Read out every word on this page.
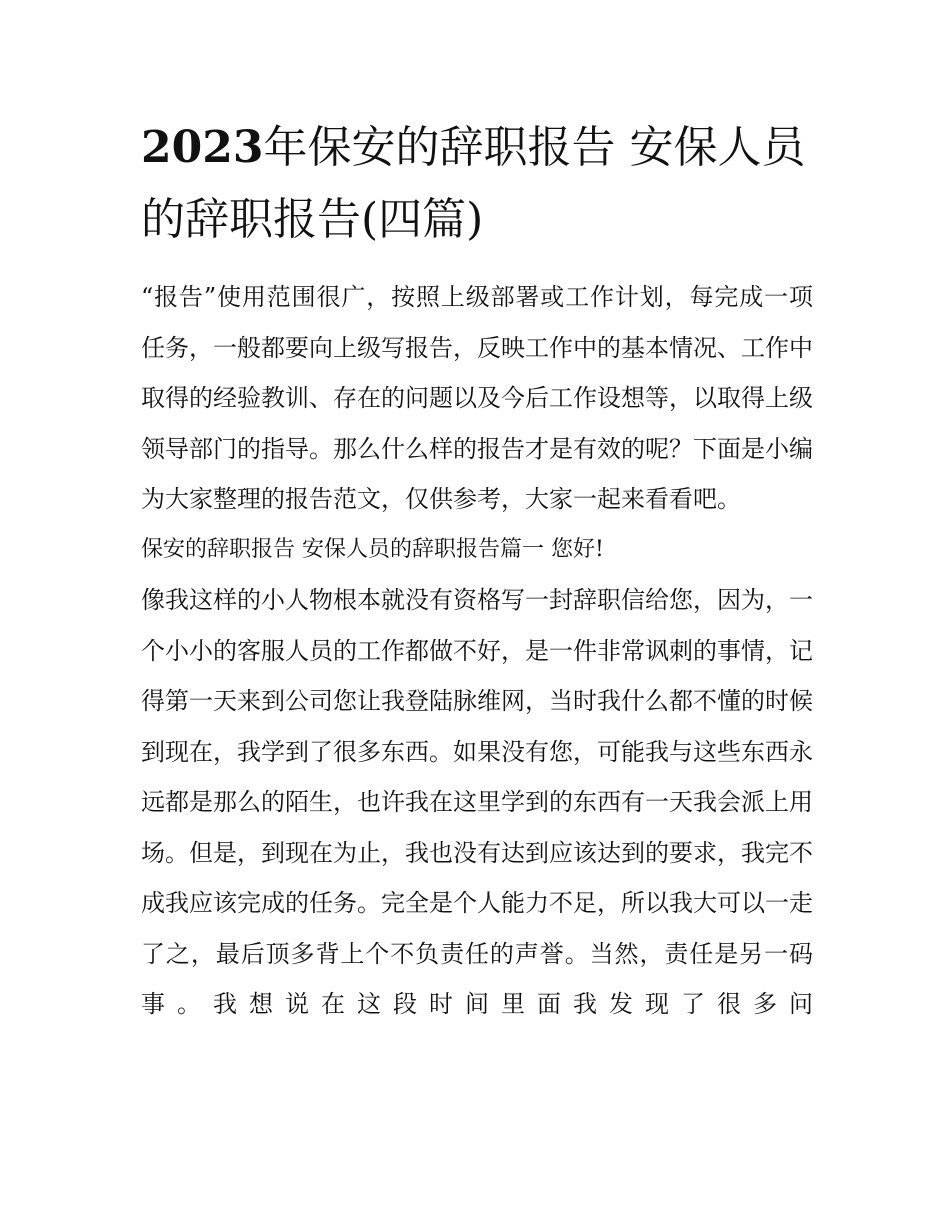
2023年保安的辞职报告 安保人员的辞职报告(四篇)

“报告”使用范围很广，按照上级部署或工作计划，每完成一项任务，一般都要向上级写报告，反映工作中的基本情况、工作中取得的经验教训、存在的问题以及今后工作设想等，以取得上级领导部门的指导。那么什么样的报告才是有效的呢？下面是小编为大家整理的报告范文，仅供参考，大家一起来看看吧。

保安的辞职报告 安保人员的辞职报告篇一 您好!

像我这样的小人物根本就没有资格写一封辞职信给您，因为，一个小小的客服人员的工作都做不好，是一件非常讽刺的事情，记得第一天来到公司您让我登陆脉维网，当时我什么都不懂的时候到现在，我学到了很多东西。如果没有您，可能我与这些东西永远都是那么的陌生，也许我在这里学到的东西有一天我会派上用场。但是，到现在为止，我也没有达到应该达到的要求，我完不成我应该完成的任务。完全是个人能力不足，所以我大可以一走了之，最后顶多背上个不负责任的声誉。当然，责任是另一码事。我想说在这段时间里面我发现了很多问
